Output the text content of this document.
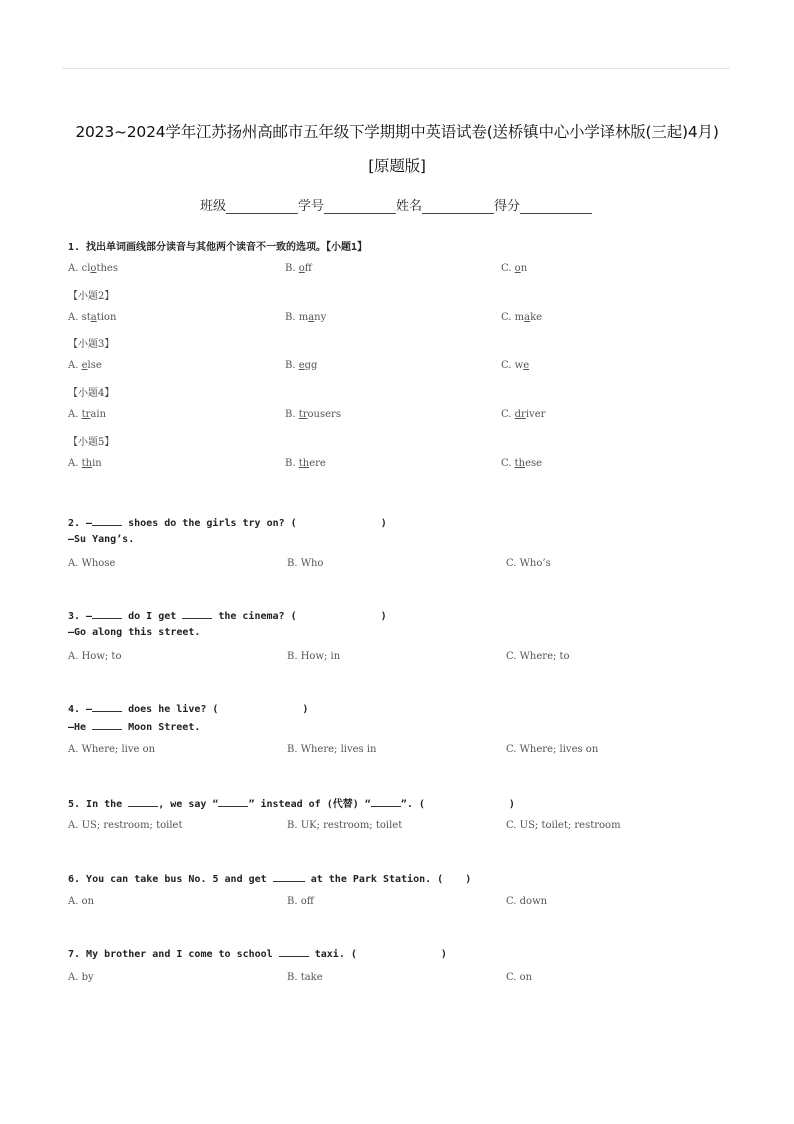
2023~2024学年江苏扬州高邮市五年级下学期期中英语试卷(送桥镇中心小学译林版(三起)4月)
[原题版]
班级	学号	姓名	得分
1. 找出单词画线部分读音与其他两个读音不一致的选项。【小题1】
A. clothes	B. off	C. on
【小题2】
A. station	B. many	C. make
【小题3】
A. else	B. egg	C. we
【小题4】
A. train	B. trousers	C. driver
【小题5】
A. thin	B. there	C. these
2. —	shoes do the girls try on? (	)
—Su Yang’s.
A. Whose	B. Who	C. Who’s
3. —	do I get	the cinema? (	)
—Go along this street.
A. How; to	B. How; in	C. Where; to
4. —	does he live? (	)
—He	Moon Street.
A. Where; live on	B. Where; lives in	C. Where; lives on
5. In the	, we say “	” instead of (代替) “	”. (	)
A. US; restroom; toilet	B. UK; restroom; toilet	C. US; toilet; restroom
6. You can take bus No. 5 and get	at the Park Station. ( )
A. on	B. off	C. down
7. My brother and I come to school	taxi. (	)
A. by	B. take	C. on
